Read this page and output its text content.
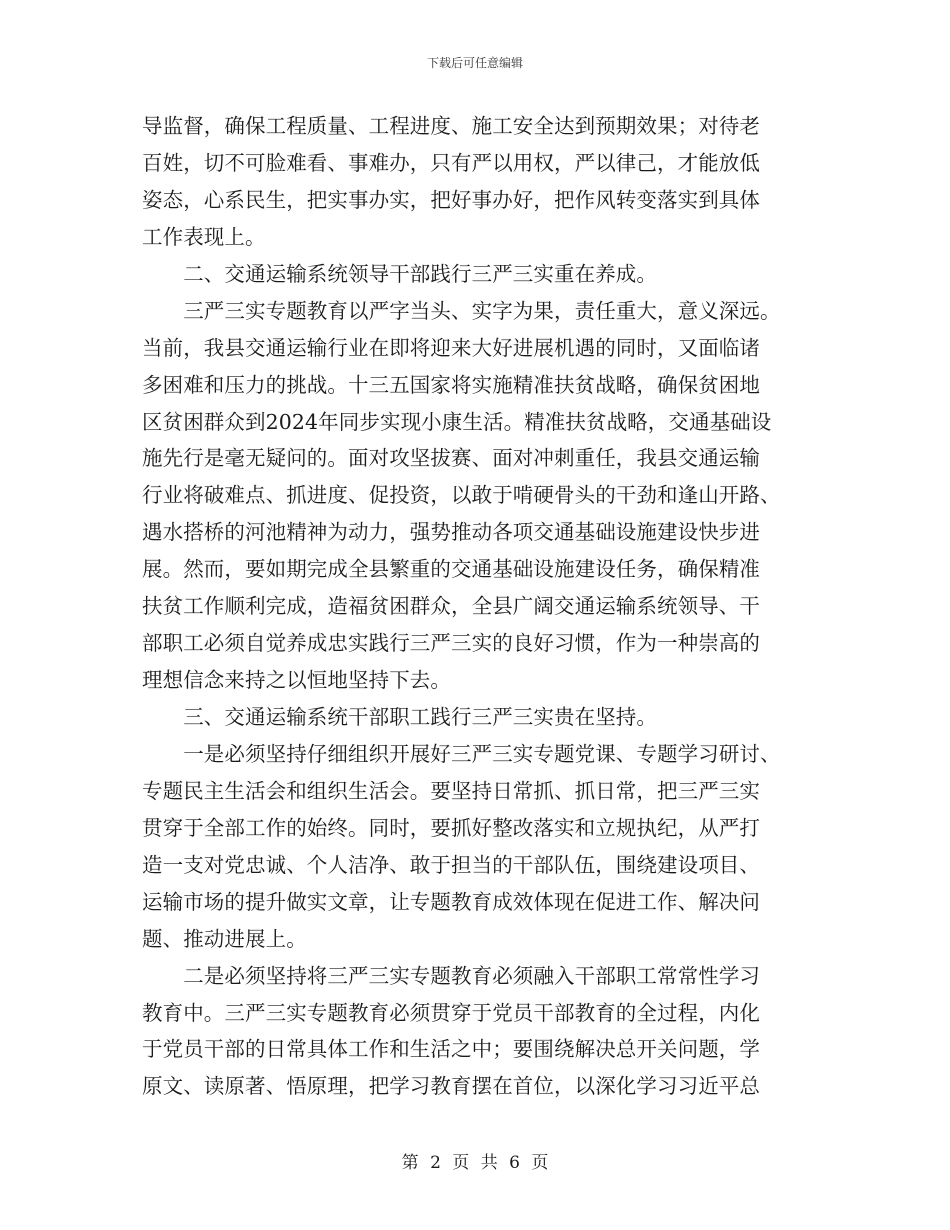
下载后可任意编辑
导监督，确保工程质量、工程进度、施工安全达到预期效果；对待老
百姓，切不可脸难看、事难办，只有严以用权，严以律己，才能放低
姿态，心系民生，把实事办实，把好事办好，把作风转变落实到具体
工作表现上。
　　二、交通运输系统领导干部践行三严三实重在养成。
　　三严三实专题教育以严字当头、实字为果，责任重大，意义深远。
当前，我县交通运输行业在即将迎来大好进展机遇的同时，又面临诸
多困难和压力的挑战。十三五国家将实施精准扶贫战略，确保贫困地
区贫困群众到2024年同步实现小康生活。精准扶贫战略，交通基础设
施先行是毫无疑问的。面对攻坚拔赛、面对冲刺重任，我县交通运输
行业将破难点、抓进度、促投资，以敢于啃硬骨头的干劲和逢山开路、
遇水搭桥的河池精神为动力，强势推动各项交通基础设施建设快步进
展。然而，要如期完成全县繁重的交通基础设施建设任务，确保精准
扶贫工作顺利完成，造福贫困群众，全县广阔交通运输系统领导、干
部职工必须自觉养成忠实践行三严三实的良好习惯，作为一种崇高的
理想信念来持之以恒地坚持下去。
　　三、交通运输系统干部职工践行三严三实贵在坚持。
　　一是必须坚持仔细组织开展好三严三实专题党课、专题学习研讨、
专题民主生活会和组织生活会。要坚持日常抓、抓日常，把三严三实
贯穿于全部工作的始终。同时，要抓好整改落实和立规执纪，从严打
造一支对党忠诚、个人洁净、敢于担当的干部队伍，围绕建设项目、
运输市场的提升做实文章，让专题教育成效体现在促进工作、解决问
题、推动进展上。
　　二是必须坚持将三严三实专题教育必须融入干部职工常常性学习
教育中。三严三实专题教育必须贯穿于党员干部教育的全过程，内化
于党员干部的日常具体工作和生活之中；要围绕解决总开关问题，学
原文、读原著、悟原理，把学习教育摆在首位，以深化学习习近平总
第 2 页 共 6 页
